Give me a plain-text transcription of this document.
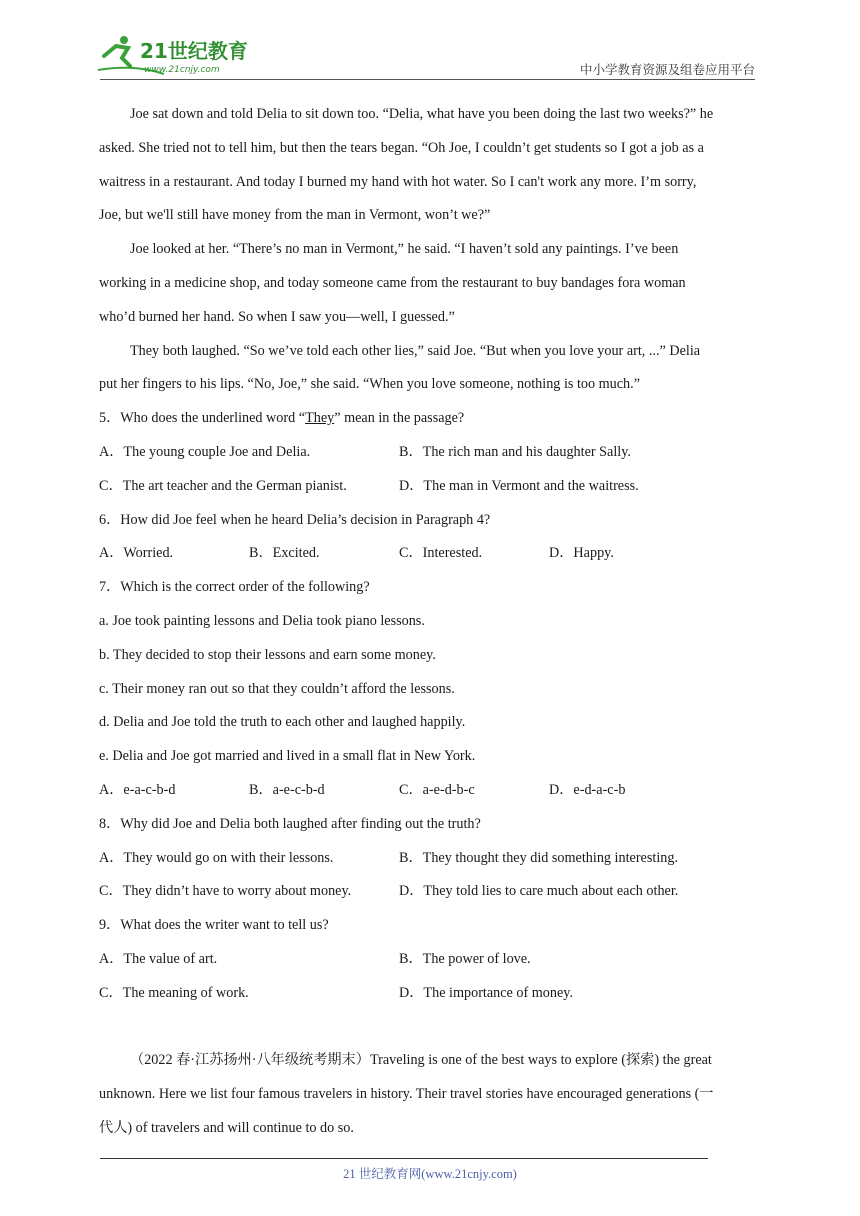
21世纪教育
www.21cnjy.com	中小学教育资源及组卷应用平台
Joe sat down and told Delia to sit down too. “Delia, what have you been doing the last two weeks?” he
asked. She tried not to tell him, but then the tears began. “Oh Joe, I couldn’t get students so I got a job as a
waitress in a restaurant. And today I burned my hand with hot water. So I can't work any more. I’m sorry,
Joe, but we'll still have money from the man in Vermont, won’t we?”
Joe looked at her. “There’s no man in Vermont,” he said. “I haven’t sold any paintings. I’ve been
working in a medicine shop, and today someone came from the restaurant to buy bandages fora woman
who’d burned her hand. So when I saw you—well, I guessed.”
They both laughed. “So we’ve told each other lies,” said Joe. “But when you love your art, ...” Delia
put her fingers to his lips. “No, Joe,” she said. “When you love someone, nothing is too much.”
5．Who does the underlined word “They” mean in the passage?
A．The young couple Joe and Delia.	B．The rich man and his daughter Sally.
C．The art teacher and the German pianist.	D．The man in Vermont and the waitress.
6．How did Joe feel when he heard Delia’s decision in Paragraph 4?
A．Worried.	B．Excited.	C．Interested.	D．Happy.
7．Which is the correct order of the following?
a. Joe took painting lessons and Delia took piano lessons.
b. They decided to stop their lessons and earn some money.
c. Their money ran out so that they couldn’t afford the lessons.
d. Delia and Joe told the truth to each other and laughed happily.
e. Delia and Joe got married and lived in a small flat in New York.
A．e-a-c-b-d	B．a-e-c-b-d	C．a-e-d-b-c	D．e-d-a-c-b
8．Why did Joe and Delia both laughed after finding out the truth?
A．They would go on with their lessons.	B．They thought they did something interesting.
C．They didn’t have to worry about money.	D．They told lies to care much about each other.
9．What does the writer want to tell us?
A．The value of art.	B．The power of love.
C．The meaning of work.	D．The importance of money.
（2022 春·江苏扬州·八年级统考期末）Traveling is one of the best ways to explore (探索) the great
unknown. Here we list four famous travelers in history. Their travel stories have encouraged generations (一
代人) of travelers and will continue to do so.
21 世纪教育网(www.21cnjy.com)
